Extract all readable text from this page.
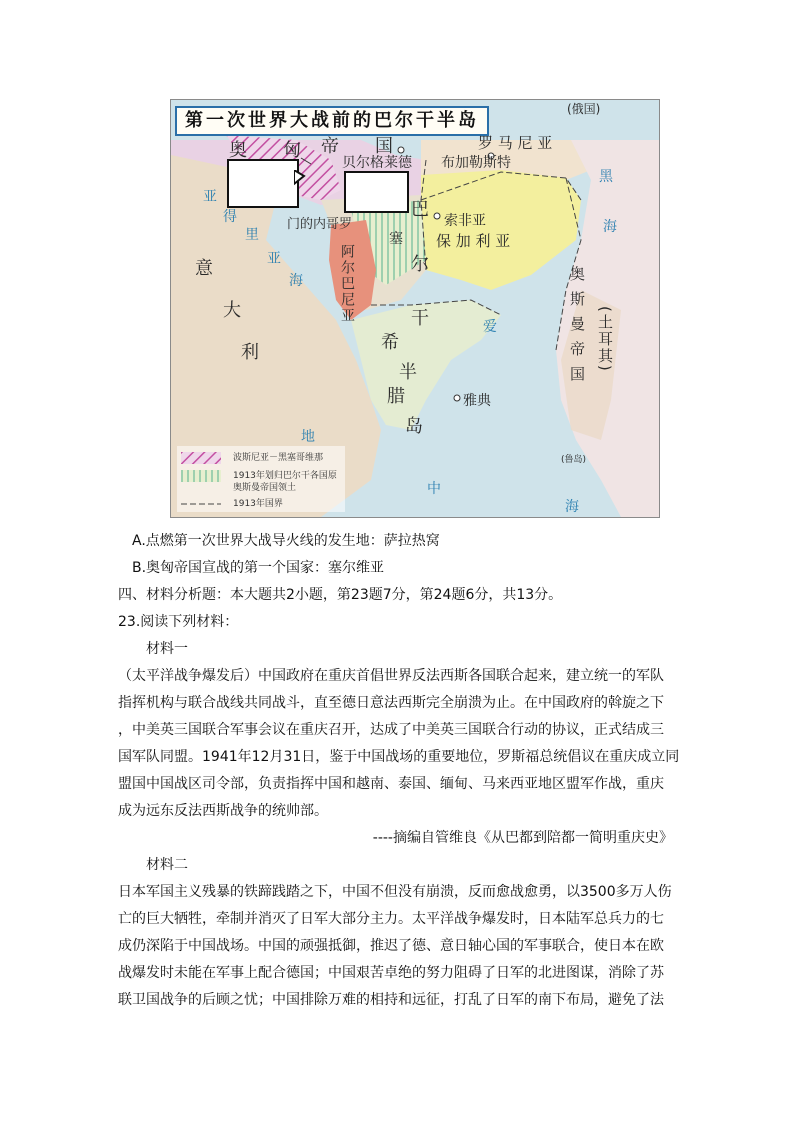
第一次世界大战前的巴尔干半岛
(俄国)
奥 匈 帝 国	罗 马 尼 亚
布加勒斯特
贝尔格莱德
黑
海
亚
得
里
亚
海
门的内哥罗
巴
尔
干
半
岛
索非亚
保 加 利 亚
意
大
利
阿尔巴尼亚
塞
希
腊	雅典
奥斯曼帝国 (土耳其)
地
中
海
爱
(鲁岛)
波斯尼亚－黑塞哥维那
1913年划归巴尔干各国原奥斯曼帝国领土
1913年国界
A.点燃第一次世界大战导火线的发生地：萨拉热窝
B.奥匈帝国宣战的第一个国家：塞尔维亚
四、材料分析题：本大题共2小题，第23题7分，第24题6分，共13分。
23.阅读下列材料：
材料一
（太平洋战争爆发后）中国政府在重庆首倡世界反法西斯各国联合起来，建立统一的军队
指挥机构与联合战线共同战斗，直至德日意法西斯完全崩溃为止。在中国政府的斡旋之下
，中美英三国联合军事会议在重庆召开，达成了中美英三国联合行动的协议，正式结成三
国军队同盟。1941年12月31日，鉴于中国战场的重要地位，罗斯福总统倡议在重庆成立同
盟国中国战区司令部，负责指挥中国和越南、泰国、缅甸、马来西亚地区盟军作战，重庆
成为远东反法西斯战争的统帅部。
----摘编自管维良《从巴都到陪都一简明重庆史》
材料二
日本军国主义残暴的铁蹄践踏之下，中国不但没有崩溃，反而愈战愈勇，以3500多万人伤
亡的巨大牺牲，牵制并消灭了日军大部分主力。太平洋战争爆发时，日本陆军总兵力的七
成仍深陷于中国战场。中国的顽强抵御，推迟了德、意日轴心国的军事联合，使日本在欧
战爆发时未能在军事上配合德国；中国艰苦卓绝的努力阻碍了日军的北进图谋，消除了苏
联卫国战争的后顾之忧；中国排除万难的相持和远征，打乱了日军的南下布局，避免了法
